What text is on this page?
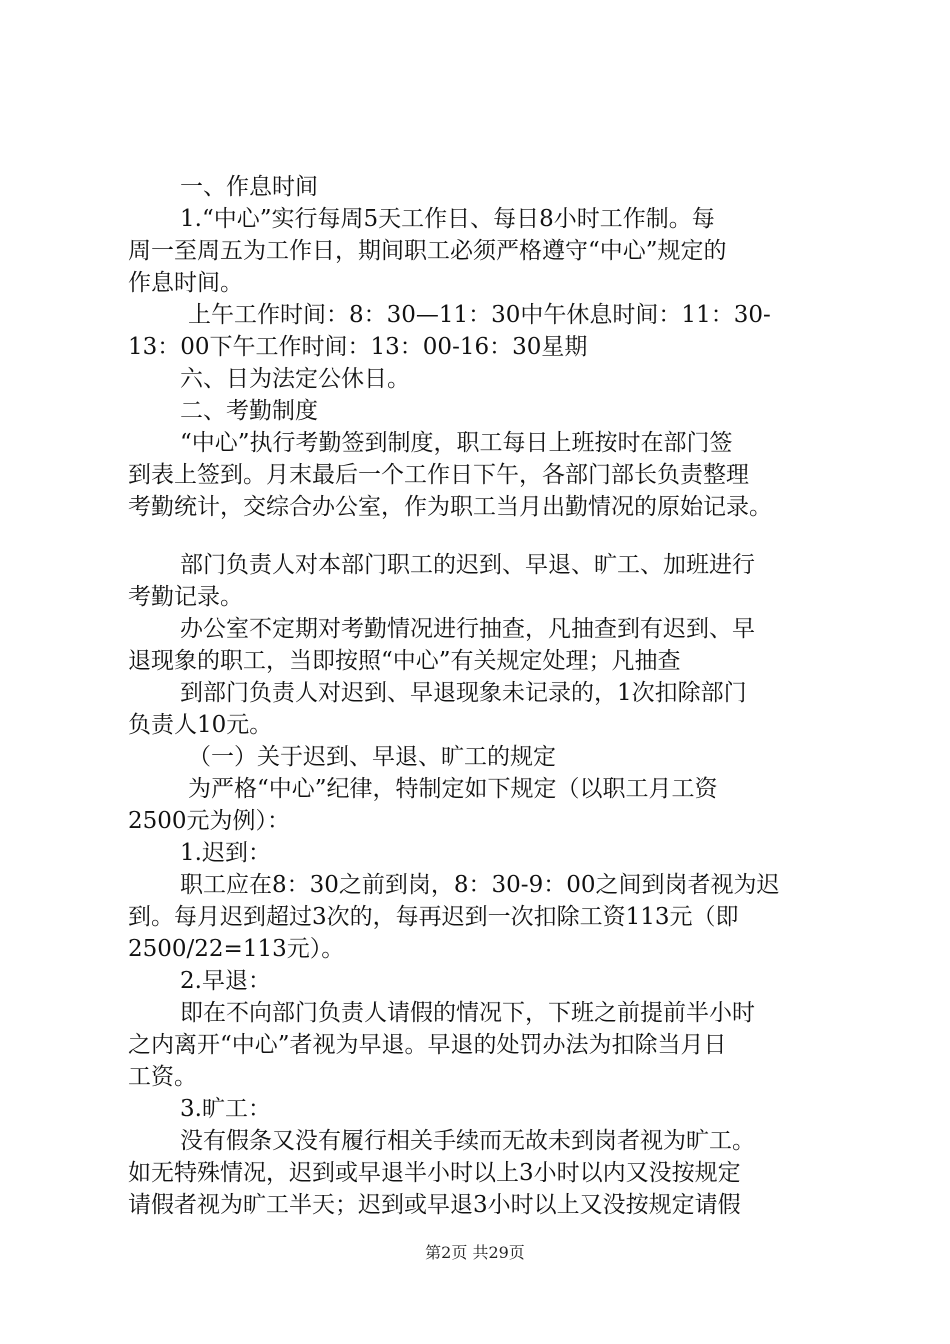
一、作息时间
1.“中心”实行每周5天工作日、每日8小时工作制。每
周一至周五为工作日，期间职工必须严格遵守“中心”规定的
作息时间。
上午工作时间：8：30—11：30中午休息时间：11：30-
13：00下午工作时间：13：00-16：30星期
六、日为法定公休日。
二、考勤制度
“中心”执行考勤签到制度，职工每日上班按时在部门签
到表上签到。月末最后一个工作日下午，各部门部长负责整理
考勤统计，交综合办公室，作为职工当月出勤情况的原始记录。
部门负责人对本部门职工的迟到、早退、旷工、加班进行
考勤记录。
办公室不定期对考勤情况进行抽查，凡抽查到有迟到、早
退现象的职工，当即按照“中心”有关规定处理；凡抽查
到部门负责人对迟到、早退现象未记录的，1次扣除部门
负责人10元。
（一）关于迟到、早退、旷工的规定
为严格“中心”纪律，特制定如下规定（以职工月工资
2500元为例）：
1.迟到：
职工应在8：30之前到岗，8：30-9：00之间到岗者视为迟
到。每月迟到超过3次的，每再迟到一次扣除工资113元（即
2500/22=113元）。
2.早退：
即在不向部门负责人请假的情况下，下班之前提前半小时
之内离开“中心”者视为早退。早退的处罚办法为扣除当月日
工资。
3.旷工：
没有假条又没有履行相关手续而无故未到岗者视为旷工。
如无特殊情况，迟到或早退半小时以上3小时以内又没按规定
请假者视为旷工半天；迟到或早退3小时以上又没按规定请假
第2页 共29页
